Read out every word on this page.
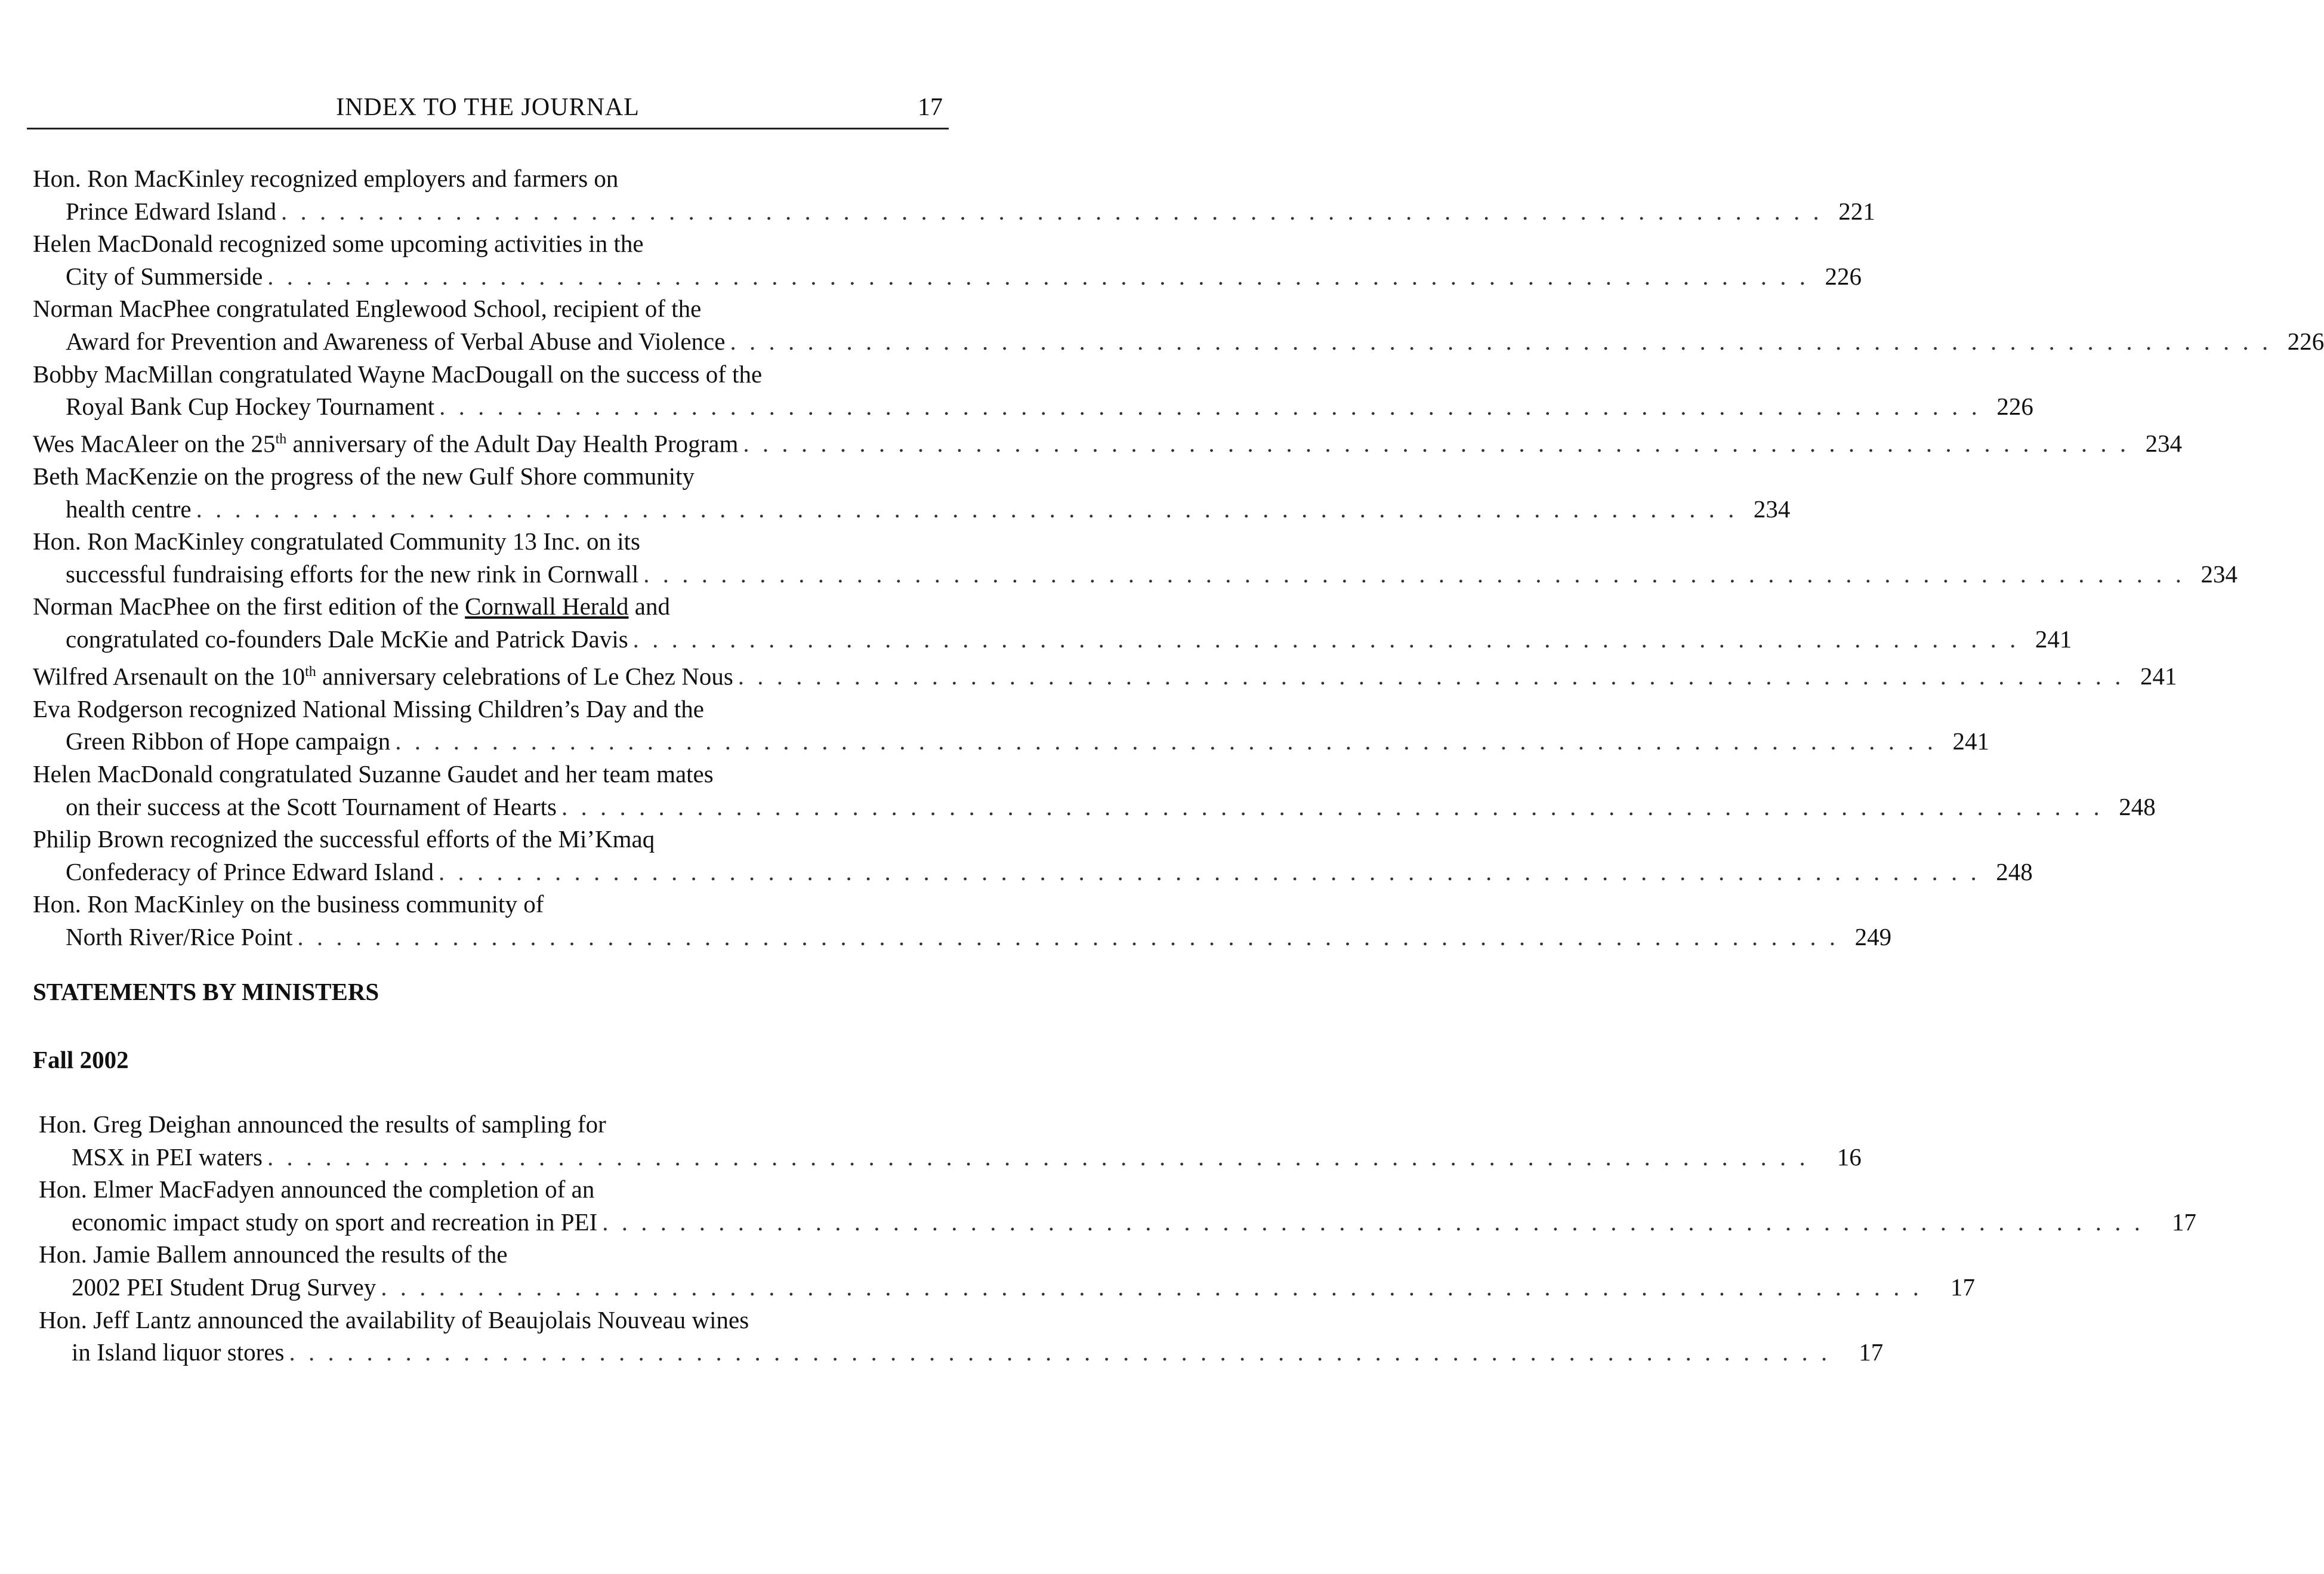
INDEX TO THE JOURNAL	17
Hon. Ron MacKinley recognized employers and farmers on
Prince Edward Island . . . . . . . . . . . . . . . . . . . . . . . . . . . . . . . . . . . . . . . . . . . . . . . . . . . . . . . . . . . . . . . . . . . . . . . . . . . . . . . . 221
Helen MacDonald recognized some upcoming activities in the
City of Summerside . . . . . . . . . . . . . . . . . . . . . . . . . . . . . . . . . . . . . . . . . . . . . . . . . . . . . . . . . . . . . . . . . . . . . . . . . . . . . . . . 226
Norman MacPhee congratulated Englewood School, recipient of the
Award for Prevention and Awareness of Verbal Abuse and Violence . . . . . . . . . . . . . . . . . . . . . . . . . . . . . . . . . . . . . . . . . . . . . . . . . . . . . . . . . . . . . . . . . . . . . . . . . . . . . . . . 226
Bobby MacMillan congratulated Wayne MacDougall on the success of the
Royal Bank Cup Hockey Tournament . . . . . . . . . . . . . . . . . . . . . . . . . . . . . . . . . . . . . . . . . . . . . . . . . . . . . . . . . . . . . . . . . . . . . . . . . . . . . . . . 226
Wes MacAleer on the 25th anniversary of the Adult Day Health Program . . . . . . . . . . . . . . . . . . . . . . . . . . . . . . . . . . . . . . . . . . . . . . . . . . . . . . . . . . . . . . . . . . . . . . . . 234
Beth MacKenzie on the progress of the new Gulf Shore community
health centre . . . . . . . . . . . . . . . . . . . . . . . . . . . . . . . . . . . . . . . . . . . . . . . . . . . . . . . . . . . . . . . . . . . . . . . . . . . . . . . . 234
Hon. Ron MacKinley congratulated Community 13 Inc. on its
successful fundraising efforts for the new rink in Cornwall . . . . . . . . . . . . . . . . . . . . . . . . . . . . . . . . . . . . . . . . . . . . . . . . . . . . . . . . . . . . . . . . . . . . . . . . . . . . . . . . 234
Norman MacPhee on the first edition of the Cornwall Herald and
congratulated co-founders Dale McKie and Patrick Davis . . . . . . . . . . . . . . . . . . . . . . . . . . . . . . . . . . . . . . . . . . . . . . . . . . . . . . . . . . . . . . . . . . . . . . . . 241
Wilfred Arsenault on the 10th anniversary celebrations of Le Chez Nous . . . . . . . . . . . . . . . . . . . . . . . . . . . . . . . . . . . . . . . . . . . . . . . . . . . . . . . . . . . . . . . . . . . . . . . . 241
Eva Rodgerson recognized National Missing Children’s Day and the
Green Ribbon of Hope campaign . . . . . . . . . . . . . . . . . . . . . . . . . . . . . . . . . . . . . . . . . . . . . . . . . . . . . . . . . . . . . . . . . . . . . . . . . . . . . . . . 241
Helen MacDonald congratulated Suzanne Gaudet and her team mates
on their success at the Scott Tournament of Hearts . . . . . . . . . . . . . . . . . . . . . . . . . . . . . . . . . . . . . . . . . . . . . . . . . . . . . . . . . . . . . . . . . . . . . . . . . . . . . . . . 248
Philip Brown recognized the successful efforts of the Mi’Kmaq
Confederacy of Prince Edward Island . . . . . . . . . . . . . . . . . . . . . . . . . . . . . . . . . . . . . . . . . . . . . . . . . . . . . . . . . . . . . . . . . . . . . . . . . . . . . . . . 248
Hon. Ron MacKinley on the business community of
North River/Rice Point . . . . . . . . . . . . . . . . . . . . . . . . . . . . . . . . . . . . . . . . . . . . . . . . . . . . . . . . . . . . . . . . . . . . . . . . . . . . . . . . 249
STATEMENTS BY MINISTERS
Fall 2002
Hon. Greg Deighan announced the results of sampling for
MSX in PEI waters . . . . . . . . . . . . . . . . . . . . . . . . . . . . . . . . . . . . . . . . . . . . . . . . . . . . . . . . . . . . . . . . . . . . . . . . . . . . . . . .	16
Hon. Elmer MacFadyen announced the completion of an
economic impact study on sport and recreation in PEI . . . . . . . . . . . . . . . . . . . . . . . . . . . . . . . . . . . . . . . . . . . . . . . . . . . . . . . . . . . . . . . . . . . . . . . . . . . . . . . .	17
Hon. Jamie Ballem announced the results of the
2002 PEI Student Drug Survey . . . . . . . . . . . . . . . . . . . . . . . . . . . . . . . . . . . . . . . . . . . . . . . . . . . . . . . . . . . . . . . . . . . . . . . . . . . . . . . .	17
Hon. Jeff Lantz announced the availability of Beaujolais Nouveau wines
in Island liquor stores . . . . . . . . . . . . . . . . . . . . . . . . . . . . . . . . . . . . . . . . . . . . . . . . . . . . . . . . . . . . . . . . . . . . . . . . . . . . . . . .	17
